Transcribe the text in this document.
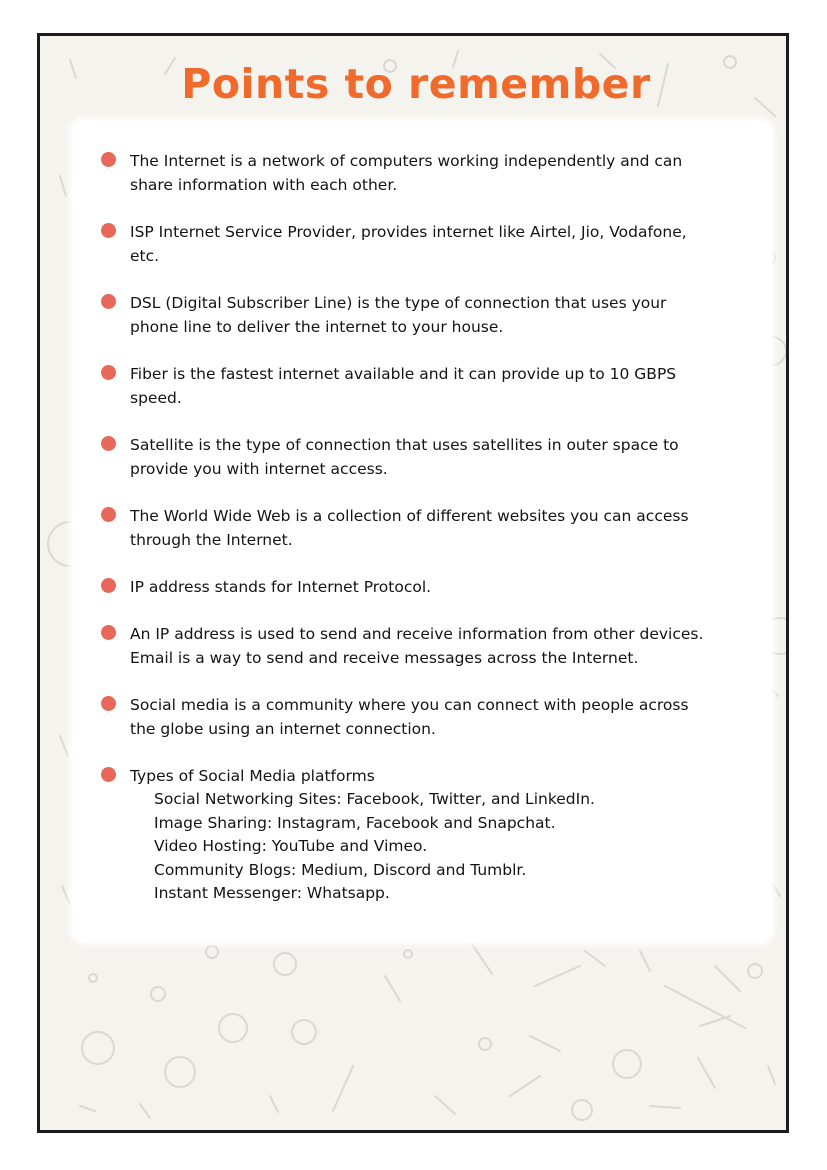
Points to remember
The Internet is a network of computers working independently and can
share information with each other.
ISP Internet Service Provider, provides internet like Airtel, Jio, Vodafone,
etc.
DSL (Digital Subscriber Line) is the type of connection that uses your
phone line to deliver the internet to your house.
Fiber is the fastest internet available and it can provide up to 10 GBPS
speed.
Satellite is the type of connection that uses satellites in outer space to
provide you with internet access.
The World Wide Web is a collection of different websites you can access
through the Internet.
IP address stands for Internet Protocol.
An IP address is used to send and receive information from other devices.
Email is a way to send and receive messages across the Internet.
Social media is a community where you can connect with people across
the globe using an internet connection.
Types of Social Media platforms
Social Networking Sites: Facebook, Twitter, and LinkedIn.
Image Sharing: Instagram, Facebook and Snapchat.
Video Hosting: YouTube and Vimeo.
Community Blogs: Medium, Discord and Tumblr.
Instant Messenger: Whatsapp.
